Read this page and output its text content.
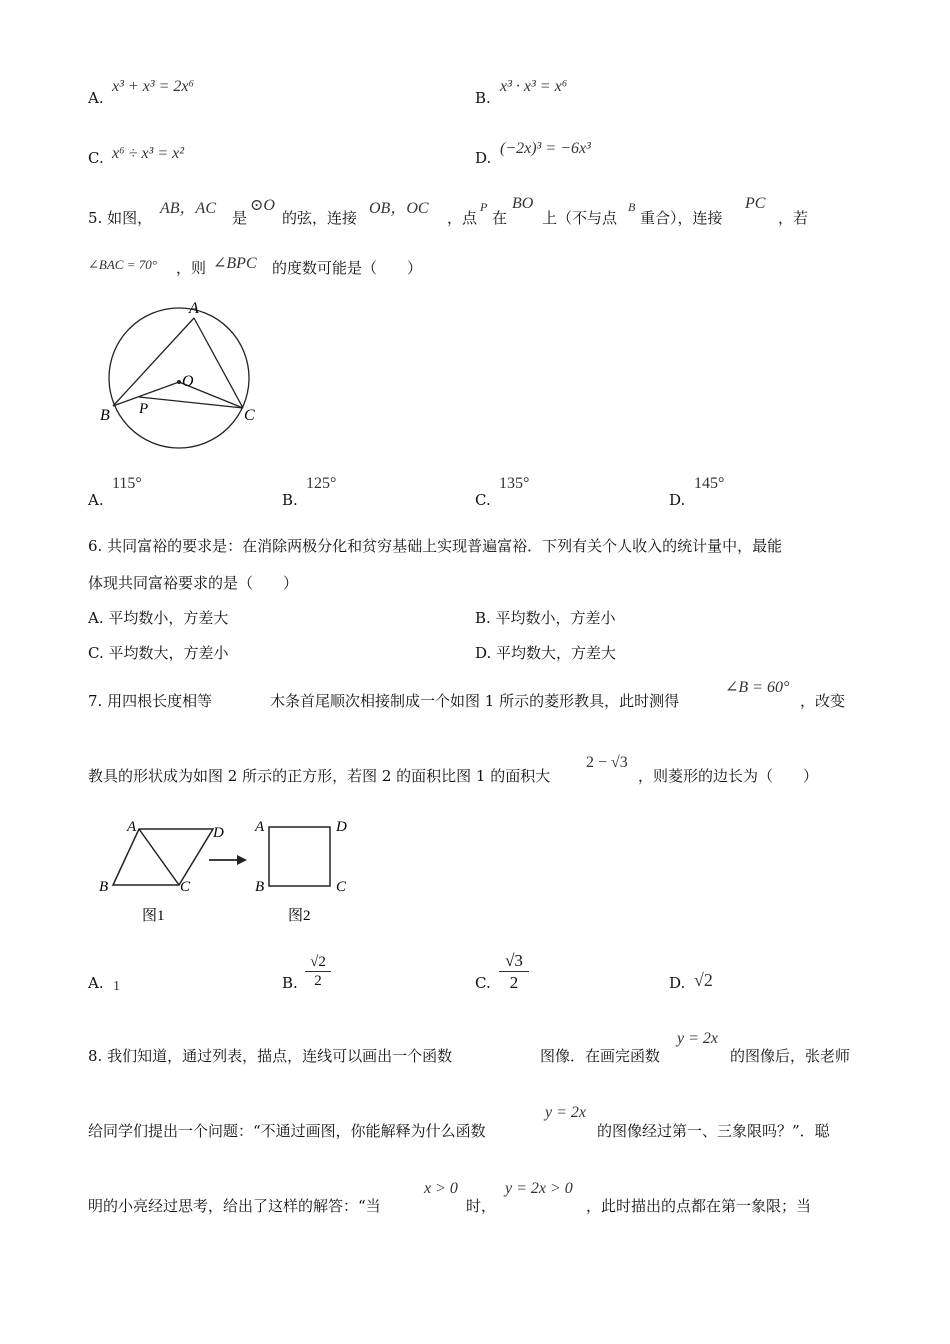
A.
x³ + x³ = 2x⁶
B.
x³ · x³ = x⁶
C. x⁶ ÷ x³ = x²	D.
(−2x)³ = −6x³
5. 如图，
AB，AC
是
⊙O
的弦，连接
OB，OC
，点
P
在
BO
上（不与点
B
重合），连接
PC
，若
∠BAC = 70° ，则 ∠BPC 的度数可能是（　　）
A
B	C
O
P
A.
115°
B.
125°
C.
135°
D.
145°
6. 共同富裕的要求是：在消除两极分化和贫穷基础上实现普遍富裕．下列有关个人收入的统计量中，最能
体现共同富裕要求的是（　　）
A. 平均数小，方差大	B. 平均数小，方差小
C. 平均数大，方差小	D. 平均数大，方差大
7. 用四根长度相等	木条首尾顺次相接制成一个如图 1 所示的菱形教具，此时测得
∠B = 60°
，改变
教具的形状成为如图 2 所示的正方形，若图 2 的面积比图 1 的面积大
2 − √3
，则菱形的边长为（　　）
A
B	C
D
图1
A
B	C
D
图2
A. 1	B. $\frac{√2}{2}$	C. $\frac{√3}{2}$	D. √2
8. 我们知道，通过列表，描点，连线可以画出一个函数	图像．在画完函数
y = 2x
的图像后，张老师
给同学们提出一个问题：“不通过画图，你能解释为什么函数
y = 2x
的图像经过第一、三象限吗？”．聪
明的小亮经过思考，给出了这样的解答：“当
x > 0
时，
y = 2x > 0
，此时描出的点都在第一象限；当
